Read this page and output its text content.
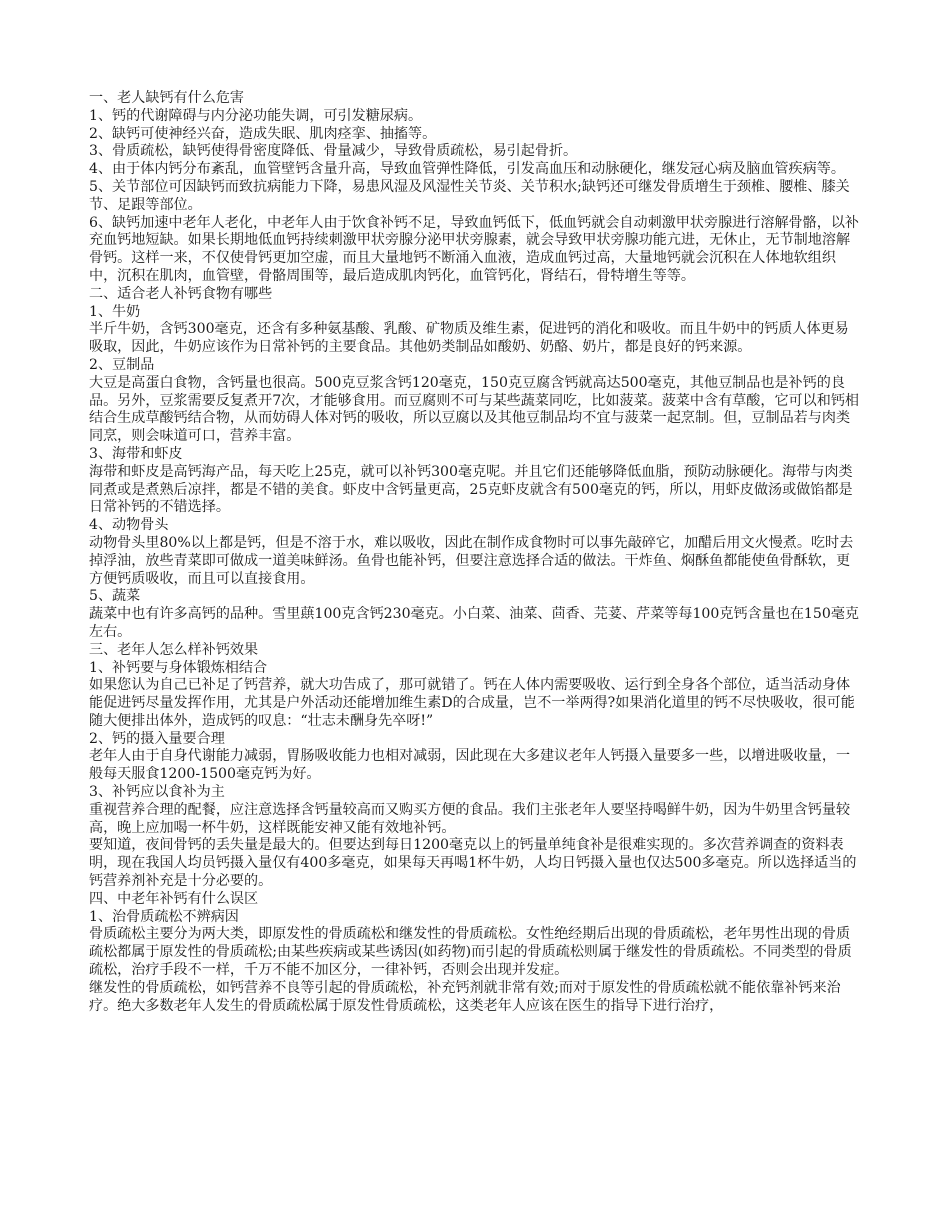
一、老人缺钙有什么危害

1、钙的代谢障碍与内分泌功能失调，可引发糖尿病。

2、缺钙可使神经兴奋，造成失眠、肌肉痉挛、抽搐等。

3、骨质疏松，缺钙使得骨密度降低、骨量减少，导致骨质疏松，易引起骨折。

4、由于体内钙分布紊乱，血管壁钙含量升高，导致血管弹性降低，引发高血压和动脉硬化，继发冠心病及脑血管疾病等。

5、关节部位可因缺钙而致抗病能力下降，易患风湿及风湿性关节炎、关节积水;缺钙还可继发骨质增生于颈椎、腰椎、膝关节、足跟等部位。

6、缺钙加速中老年人老化，中老年人由于饮食补钙不足，导致血钙低下，低血钙就会自动刺激甲状旁腺进行溶解骨骼，以补充血钙地短缺。如果长期地低血钙持续刺激甲状旁腺分泌甲状旁腺素，就会导致甲状旁腺功能亢进，无休止，无节制地溶解骨钙。这样一来，不仅使骨钙更加空虚，而且大量地钙不断涌入血液，造成血钙过高，大量地钙就会沉积在人体地软组织中，沉积在肌肉，血管壁，骨骼周围等，最后造成肌肉钙化，血管钙化，肾结石，骨特增生等等。

二、适合老人补钙食物有哪些

1、牛奶

半斤牛奶，含钙300毫克，还含有多种氨基酸、乳酸、矿物质及维生素，促进钙的消化和吸收。而且牛奶中的钙质人体更易吸取，因此，牛奶应该作为日常补钙的主要食品。其他奶类制品如酸奶、奶酪、奶片，都是良好的钙来源。

2、豆制品

大豆是高蛋白食物，含钙量也很高。500克豆浆含钙120毫克，150克豆腐含钙就高达500毫克，其他豆制品也是补钙的良品。另外，豆浆需要反复煮开7次，才能够食用。而豆腐则不可与某些蔬菜同吃，比如菠菜。菠菜中含有草酸，它可以和钙相结合生成草酸钙结合物，从而妨碍人体对钙的吸收，所以豆腐以及其他豆制品均不宜与菠菜一起烹制。但，豆制品若与肉类同烹，则会味道可口，营养丰富。

3、海带和虾皮

海带和虾皮是高钙海产品，每天吃上25克，就可以补钙300毫克呢。并且它们还能够降低血脂，预防动脉硬化。海带与肉类同煮或是煮熟后凉拌，都是不错的美食。虾皮中含钙量更高，25克虾皮就含有500毫克的钙，所以，用虾皮做汤或做馅都是日常补钙的不错选择。

4、动物骨头

动物骨头里80%以上都是钙，但是不溶于水，难以吸收，因此在制作成食物时可以事先敲碎它，加醋后用文火慢煮。吃时去掉浮油，放些青菜即可做成一道美味鲜汤。鱼骨也能补钙，但要注意选择合适的做法。干炸鱼、焖酥鱼都能使鱼骨酥软，更方便钙质吸收，而且可以直接食用。

5、蔬菜

蔬菜中也有许多高钙的品种。雪里蕻100克含钙230毫克。小白菜、油菜、茴香、芫荽、芹菜等每100克钙含量也在150毫克左右。

三、老年人怎么样补钙效果

1、补钙要与身体锻炼相结合

如果您认为自己已补足了钙营养，就大功告成了，那可就错了。钙在人体内需要吸收、运行到全身各个部位，适当活动身体能促进钙尽量发挥作用，尤其是户外活动还能增加维生素D的合成量，岂不一举两得?如果消化道里的钙不尽快吸收，很可能随大便排出体外，造成钙的叹息：“壮志未酬身先卒呀!”

2、钙的摄入量要合理

老年人由于自身代谢能力减弱，胃肠吸收能力也相对减弱，因此现在大多建议老年人钙摄入量要多一些，以增进吸收量，一般每天服食1200-1500毫克钙为好。

3、补钙应以食补为主

重视营养合理的配餐，应注意选择含钙量较高而又购买方便的食品。我们主张老年人要坚持喝鲜牛奶，因为牛奶里含钙量较高，晚上应加喝一杯牛奶，这样既能安神又能有效地补钙。

要知道，夜间骨钙的丢失量是最大的。但要达到每日1200毫克以上的钙量单纯食补是很难实现的。多次营养调查的资料表明，现在我国人均员钙摄入量仅有400多毫克，如果每天再喝1杯牛奶，人均日钙摄入量也仅达500多毫克。所以选择适当的钙营养剂补充是十分必要的。

四、中老年补钙有什么误区

1、治骨质疏松不辨病因

骨质疏松主要分为两大类，即原发性的骨质疏松和继发性的骨质疏松。女性绝经期后出现的骨质疏松，老年男性出现的骨质疏松都属于原发性的骨质疏松;由某些疾病或某些诱因(如药物)而引起的骨质疏松则属于继发性的骨质疏松。不同类型的骨质疏松，治疗手段不一样，千万不能不加区分，一律补钙，否则会出现并发症。

继发性的骨质疏松，如钙营养不良等引起的骨质疏松，补充钙剂就非常有效;而对于原发性的骨质疏松就不能依靠补钙来治疗。绝大多数老年人发生的骨质疏松属于原发性骨质疏松，这类老年人应该在医生的指导下进行治疗，
